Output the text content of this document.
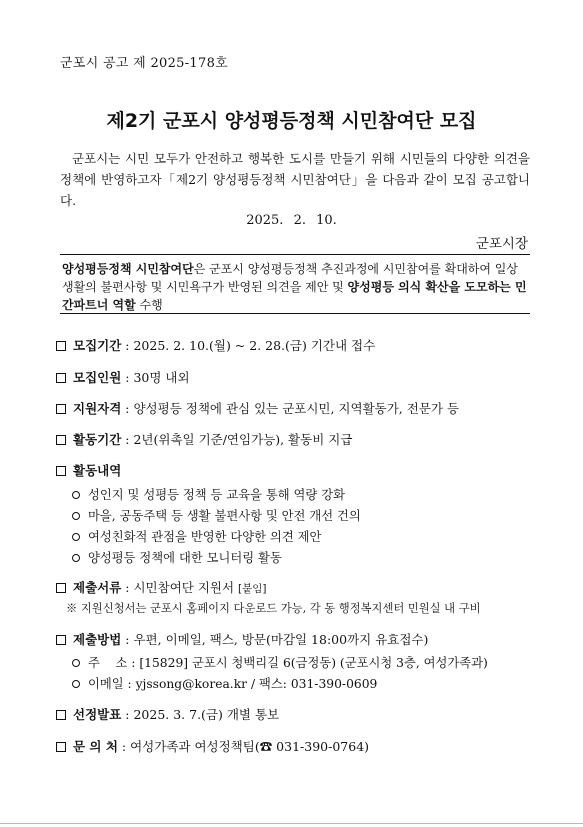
군포시 공고 제 2025-178호
제2기 군포시 양성평등정책 시민참여단 모집
군포시는 시민 모두가 안전하고 행복한 도시를 만들기 위해 시민들의 다양한 의견을 정책에 반영하고자「제2기 양성평등정책 시민참여단」을 다음과 같이 모집 공고합니다.
2025. 2. 10.
군포시장
양성평등정책 시민참여단은 군포시 양성평등정책 추진과정에 시민참여를 확대하여 일상생활의 불편사항 및 시민욕구가 반영된 의견을 제안 및 양성평등 의식 확산을 도모하는 민간파트너 역할 수행
모집기간 : 2025. 2. 10.(월) ~ 2. 28.(금) 기간내 접수
모집인원 : 30명 내외
지원자격 : 양성평등 정책에 관심 있는 군포시민, 지역활동가, 전문가 등
활동기간 : 2년(위촉일 기준/연임가능), 활동비 지급
활동내역
성인지 및 성평등 정책 등 교육을 통해 역량 강화
마을, 공동주택 등 생활 불편사항 및 안전 개선 건의
여성친화적 관점을 반영한 다양한 의견 제안
양성평등 정책에 대한 모니터링 활동
제출서류 : 시민참여단 지원서 [붙임]
※ 지원신청서는 군포시 홈페이지 다운로드 가능, 각 동 행정복지센터 민원실 내 구비
제출방법 : 우편, 이메일, 팩스, 방문(마감일 18:00까지 유효접수)
주    소 : [15829] 군포시 청백리길 6(금정동) (군포시청 3층, 여성가족과)
이메일 : yjssong@korea.kr / 팩스: 031-390-0609
선정발표 : 2025. 3. 7.(금) 개별 통보
문 의 처 : 여성가족과 여성정책팀(☎ 031-390-0764)
